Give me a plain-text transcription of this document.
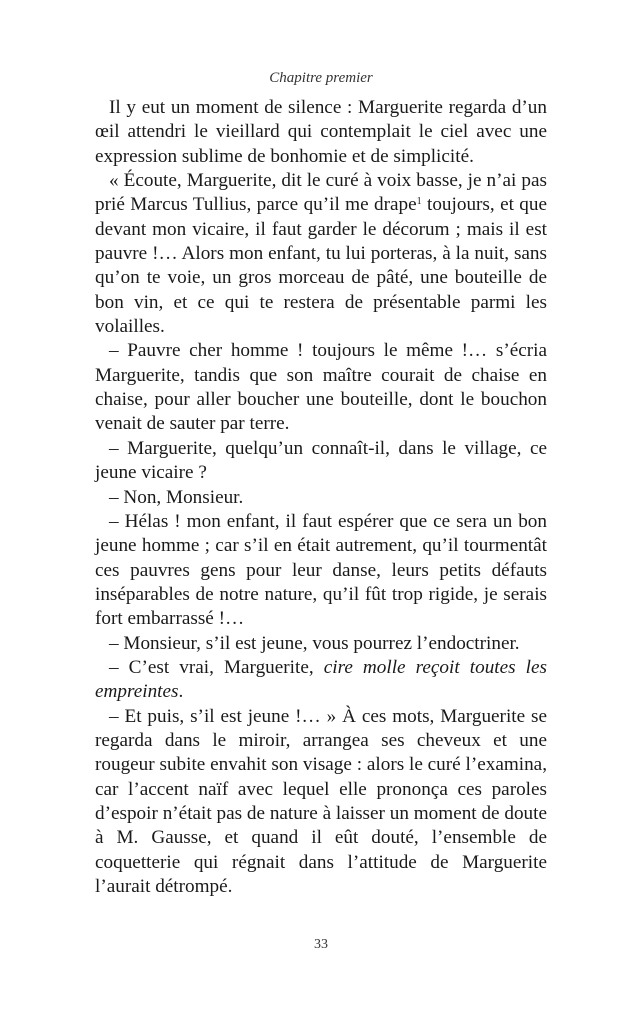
Chapitre premier

Il y eut un moment de silence : Marguerite regarda d’un œil attendri le vieillard qui contemplait le ciel avec une expression sublime de bonhomie et de simplicité.

« Écoute, Marguerite, dit le curé à voix basse, je n’ai pas prié Marcus Tullius, parce qu’il me drape$^1$ toujours, et que devant mon vicaire, il faut garder le décorum ; mais il est pauvre !… Alors mon enfant, tu lui porteras, à la nuit, sans qu’on te voie, un gros morceau de pâté, une bouteille de bon vin, et ce qui te restera de présentable parmi les volailles.

– Pauvre cher homme ! toujours le même !… s’écria Marguerite, tandis que son maître courait de chaise en chaise, pour aller boucher une bouteille, dont le bouchon venait de sauter par terre.

– Marguerite, quelqu’un connaît-il, dans le village, ce jeune vicaire ?

– Non, Monsieur.

– Hélas ! mon enfant, il faut espérer que ce sera un bon jeune homme ; car s’il en était autrement, qu’il tourmentât ces pauvres gens pour leur danse, leurs petits défauts inséparables de notre nature, qu’il fût trop rigide, je serais fort embarrassé !…

– Monsieur, s’il est jeune, vous pourrez l’endoctriner.

– C’est vrai, Marguerite, cire molle reçoit toutes les empreintes.

– Et puis, s’il est jeune !… » À ces mots, Marguerite se regarda dans le miroir, arrangea ses cheveux et une rougeur subite envahit son visage : alors le curé l’examina, car l’accent naïf avec lequel elle prononça ces paroles d’espoir n’était pas de nature à laisser un moment de doute à M. Gausse, et quand il eût douté, l’ensemble de coquetterie qui régnait dans l’attitude de Marguerite l’aurait détrompé.

33
